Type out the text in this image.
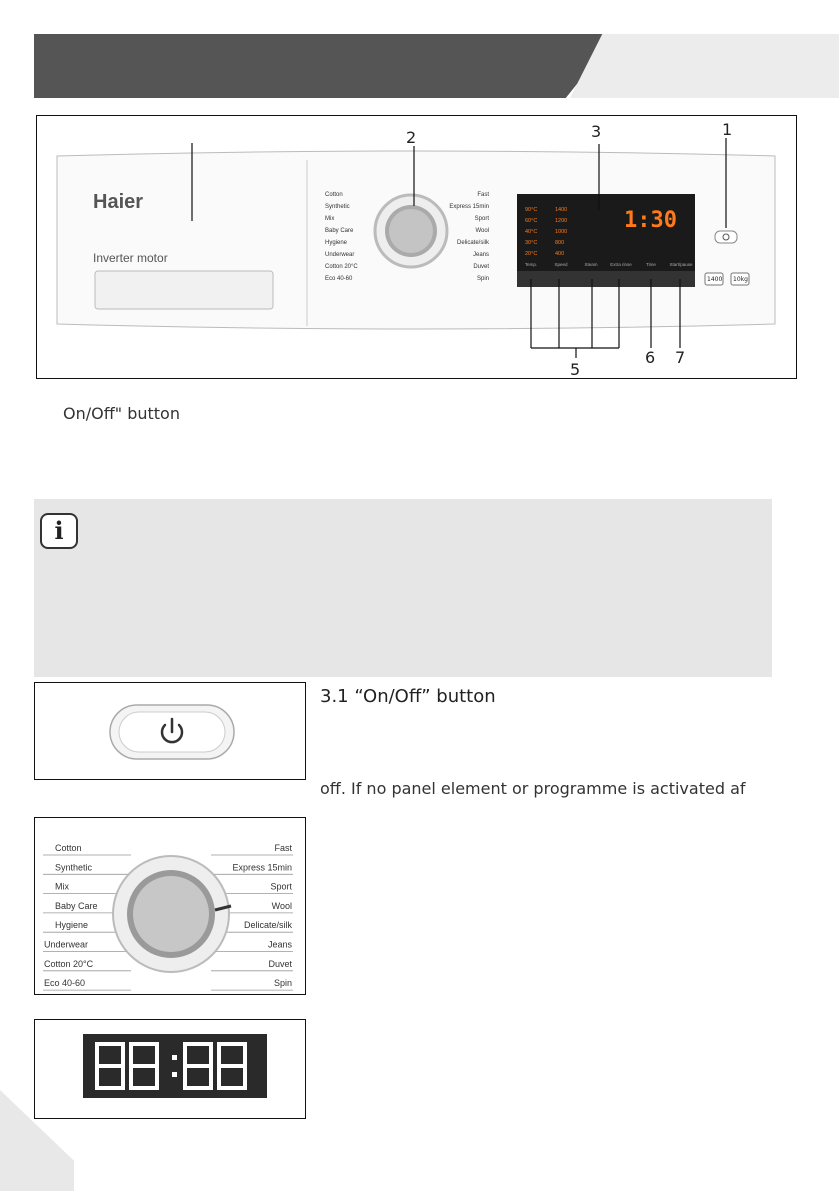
Haier
Inverter motor
Cotton
Synthetic
Mix
Baby Care
Hygiene
Underwear
Cotton 20°C
Eco 40-60
Fast
Express 15min
Sport
Wool
Delicate/silk
Jeans
Duvet
Spin
90°C
60°C
40°C
30°C
20°C
1400
1200
1000
800
400
Temp.	Speed	Steam	Extra rinse	Time	Start/pause
1
2	3
5
6 7
1:30
1400 10kg
On/Off" button
i
3.1 “On/Off” button
off. If no panel element or programme is activated af
Cotton
Synthetic
Mix
Baby Care
Hygiene
Underwear
Cotton 20°C
Eco 40-60
Fast
Express 15min
Sport
Wool
Delicate/silk
Jeans
Duvet
Spin
